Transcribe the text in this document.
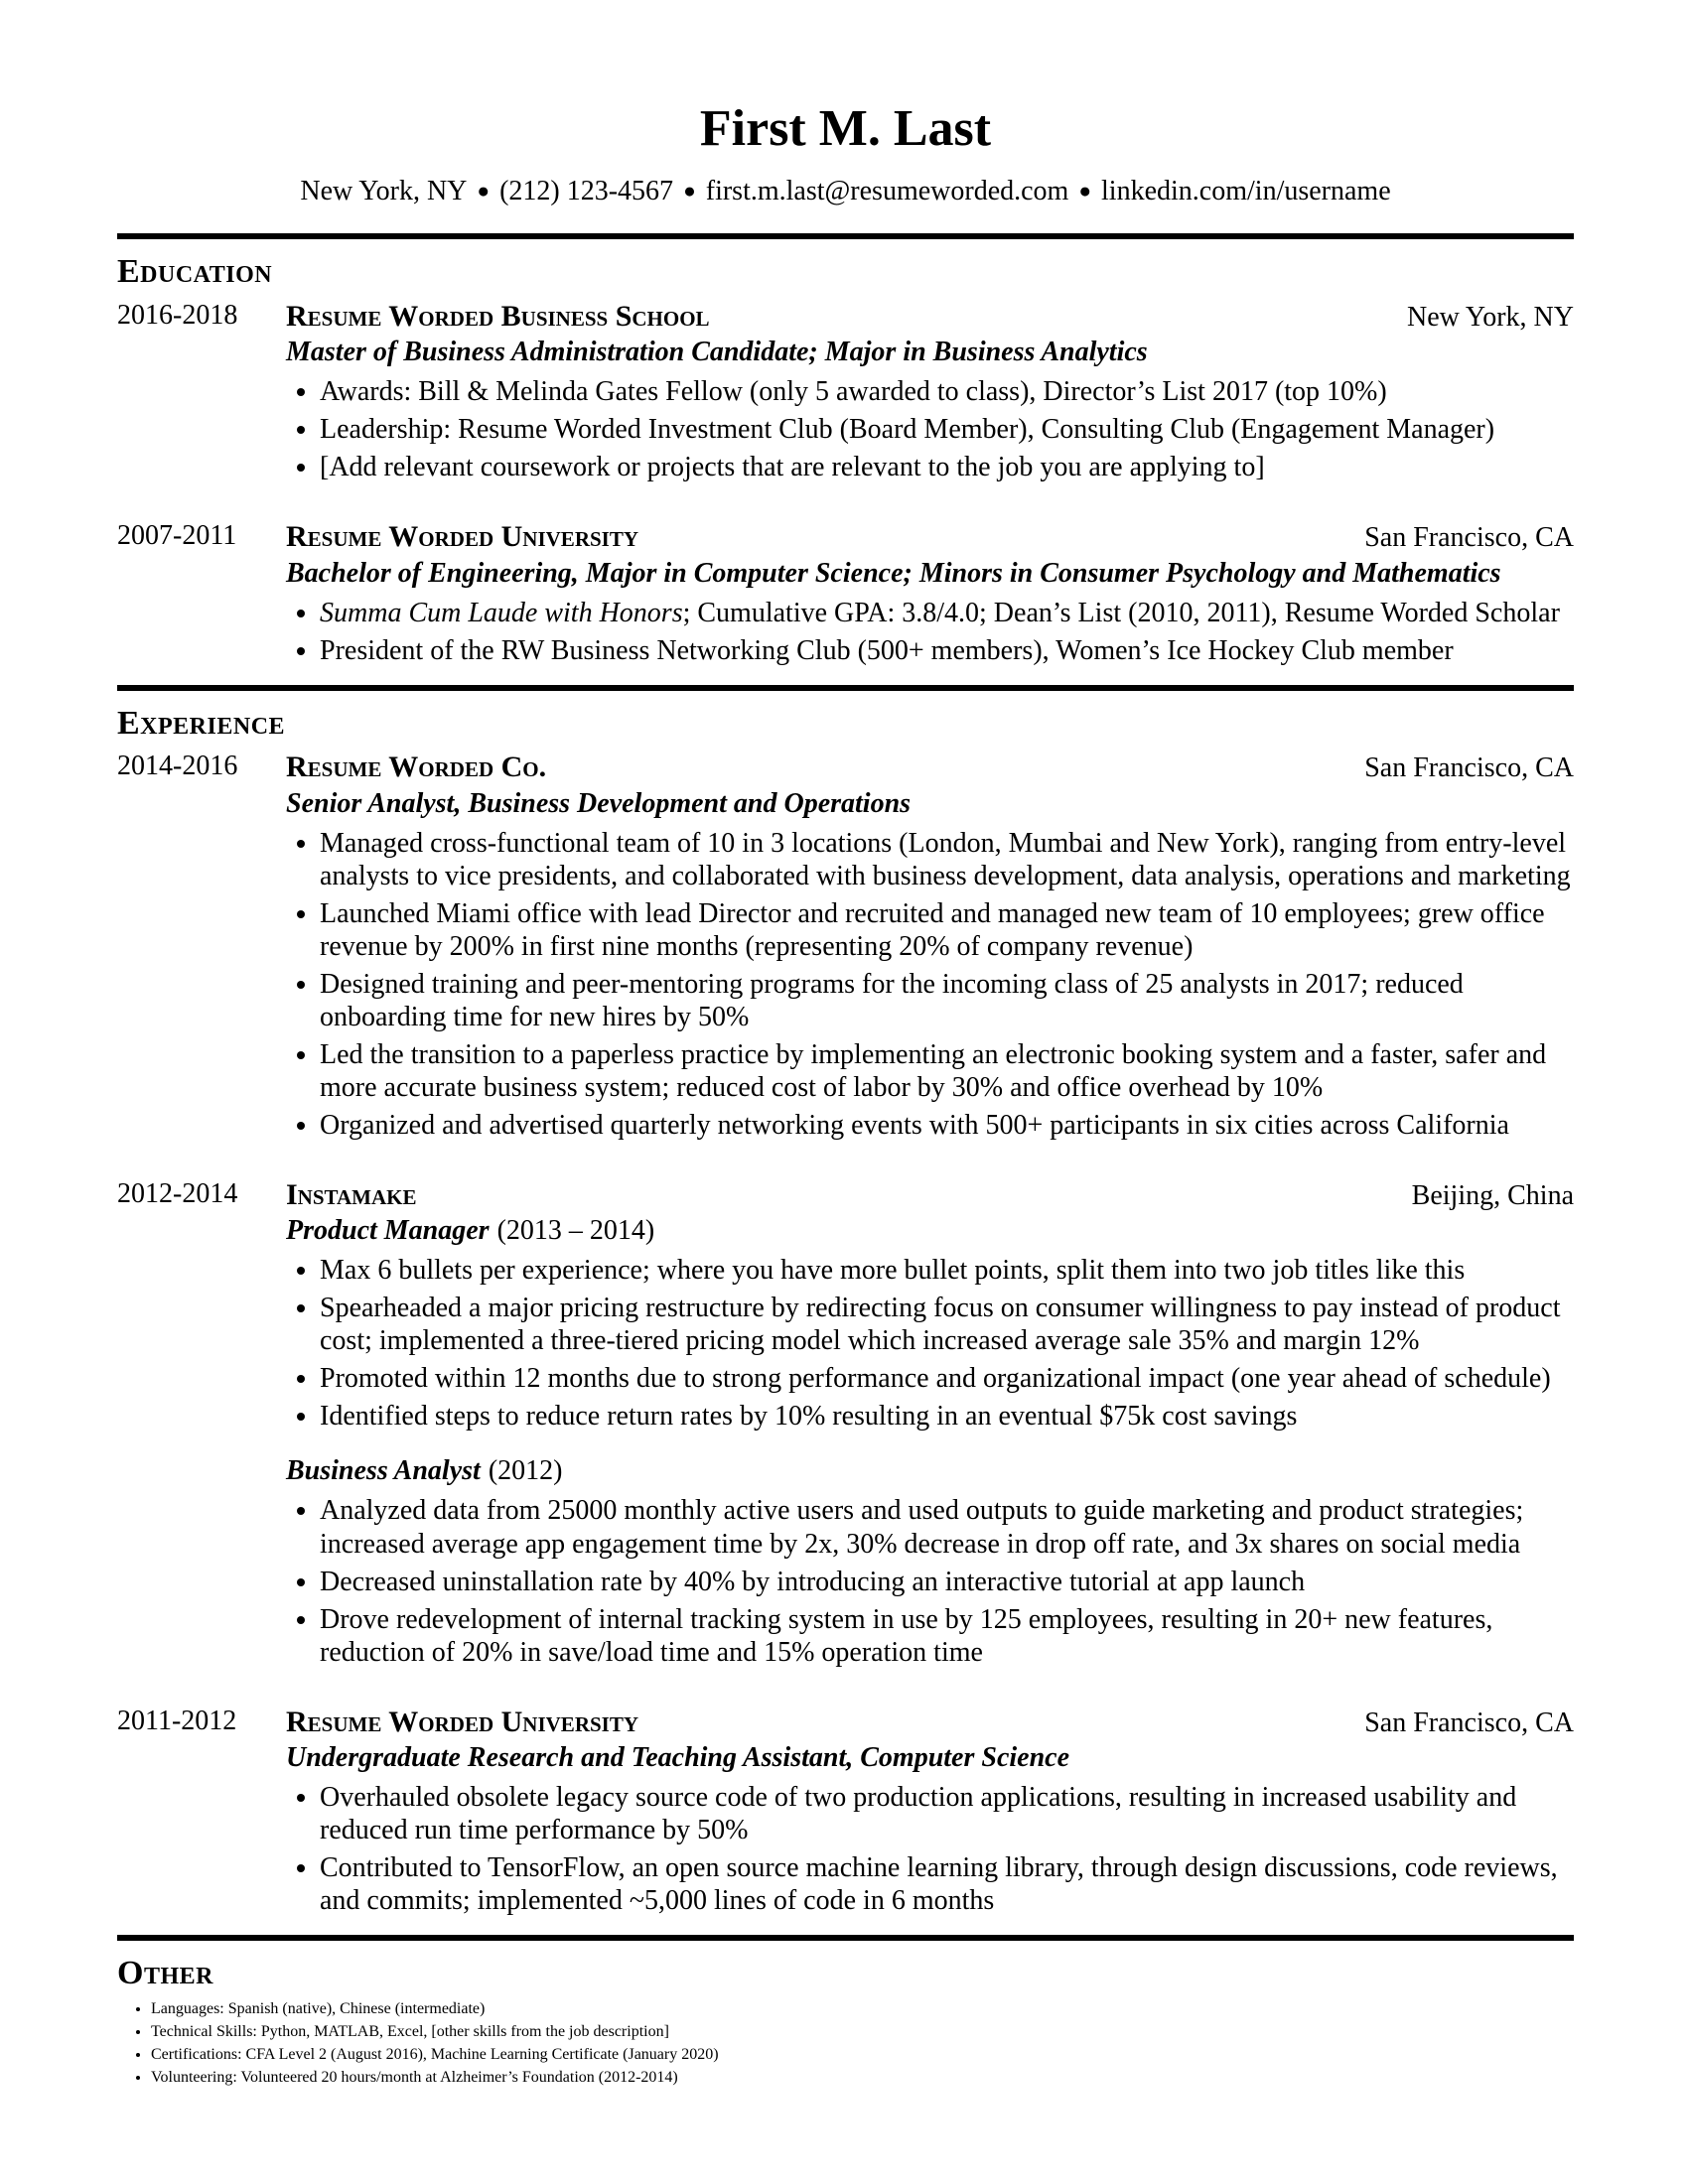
First M. Last
New York, NY ● (212) 123-4567 ● first.m.last@resumeworded.com ● linkedin.com/in/username
Education
2016-2018	Resume Worded Business School	New York, NY
Master of Business Administration Candidate; Major in Business Analytics
• Awards: Bill & Melinda Gates Fellow (only 5 awarded to class), Director’s List 2017 (top 10%)
• Leadership: Resume Worded Investment Club (Board Member), Consulting Club (Engagement Manager)
• [Add relevant coursework or projects that are relevant to the job you are applying to]
2007-2011	Resume Worded University	San Francisco, CA
Bachelor of Engineering, Major in Computer Science; Minors in Consumer Psychology and Mathematics
• Summa Cum Laude with Honors; Cumulative GPA: 3.8/4.0; Dean’s List (2010, 2011), Resume Worded Scholar
• President of the RW Business Networking Club (500+ members), Women’s Ice Hockey Club member
Experience
2014-2016	Resume Worded Co.	San Francisco, CA
Senior Analyst, Business Development and Operations
• Managed cross-functional team of 10 in 3 locations (London, Mumbai and New York), ranging from entry-level analysts to vice presidents, and collaborated with business development, data analysis, operations and marketing
• Launched Miami office with lead Director and recruited and managed new team of 10 employees; grew office revenue by 200% in first nine months (representing 20% of company revenue)
• Designed training and peer-mentoring programs for the incoming class of 25 analysts in 2017; reduced onboarding time for new hires by 50%
• Led the transition to a paperless practice by implementing an electronic booking system and a faster, safer and more accurate business system; reduced cost of labor by 30% and office overhead by 10%
• Organized and advertised quarterly networking events with 500+ participants in six cities across California
2012-2014	Instamake	Beijing, China
Product Manager (2013 – 2014)
• Max 6 bullets per experience; where you have more bullet points, split them into two job titles like this
• Spearheaded a major pricing restructure by redirecting focus on consumer willingness to pay instead of product cost; implemented a three-tiered pricing model which increased average sale 35% and margin 12%
• Promoted within 12 months due to strong performance and organizational impact (one year ahead of schedule)
• Identified steps to reduce return rates by 10% resulting in an eventual $75k cost savings
Business Analyst (2012)
• Analyzed data from 25000 monthly active users and used outputs to guide marketing and product strategies; increased average app engagement time by 2x, 30% decrease in drop off rate, and 3x shares on social media
• Decreased uninstallation rate by 40% by introducing an interactive tutorial at app launch
• Drove redevelopment of internal tracking system in use by 125 employees, resulting in 20+ new features, reduction of 20% in save/load time and 15% operation time
2011-2012	Resume Worded University	San Francisco, CA
Undergraduate Research and Teaching Assistant, Computer Science
• Overhauled obsolete legacy source code of two production applications, resulting in increased usability and reduced run time performance by 50%
• Contributed to TensorFlow, an open source machine learning library, through design discussions, code reviews, and commits; implemented ~5,000 lines of code in 6 months
Other
• Languages: Spanish (native), Chinese (intermediate)
• Technical Skills: Python, MATLAB, Excel, [other skills from the job description]
• Certifications: CFA Level 2 (August 2016), Machine Learning Certificate (January 2020)
• Volunteering: Volunteered 20 hours/month at Alzheimer’s Foundation (2012-2014)
